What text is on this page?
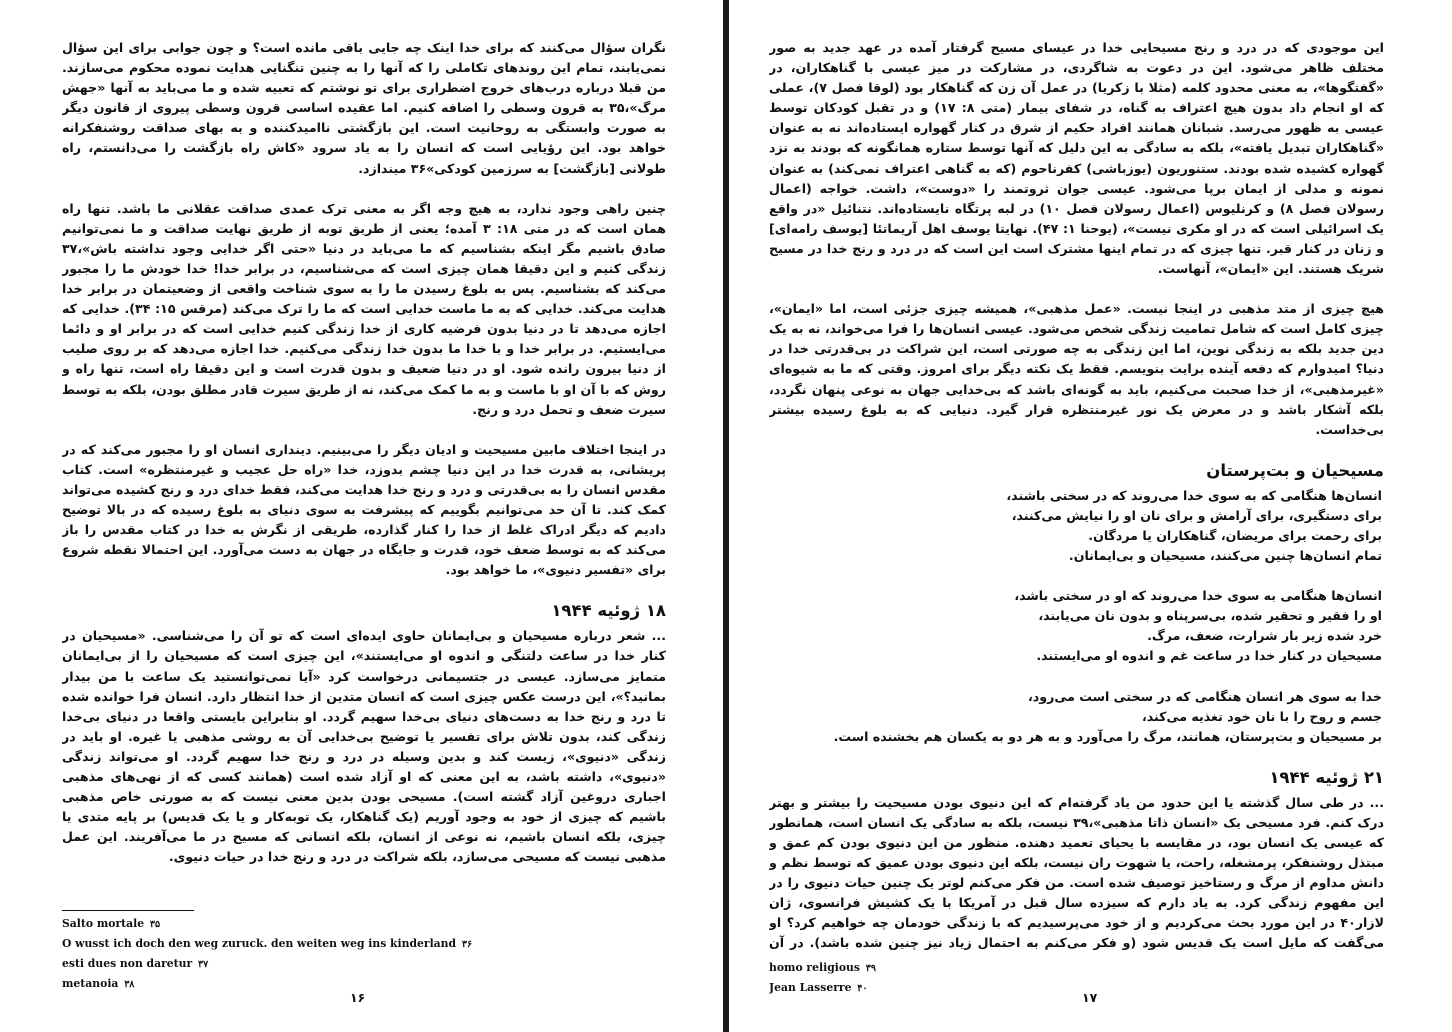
نگران سؤال می‌کنند که برای خدا اینک چه جایی باقی مانده است؟ و چون جوابی برای این سؤال نمی‌یابند، تمام این روندهای تکاملی را که آنها را به چنین تنگنایی هدایت نموده محکوم می‌سازند. من قبلا درباره درب‌های خروج اضطراری برای تو نوشتم که تعبیه شده و ما می‌باید به آنها «جهش مرگ»،۳۵ به قرون وسطی را اضافه کنیم. اما عقیده اساسی قرون وسطی پیروی از قانون دیگر به صورت وابستگی به روحانیت است. این بازگشتی ناامیدکننده و به بهای صداقت روشنفکرانه خواهد بود. این رؤیایی است که انسان را به یاد سرود «کاش راه بازگشت را می‌دانستم، راه طولانی [بازگشت] به سرزمین کودکی»۳۶ میندازد.

چنین راهی وجود ندارد، به هیچ وجه اگر به معنی ترک عمدی صداقت عقلانی ما باشد. تنها راه همان است که در متی ۱۸: ۳ آمده؛ یعنی از طریق توبه از طریق نهایت صداقت و ما نمی‌توانیم صادق باشیم مگر اینکه بشناسیم که ما می‌باید در دنیا «حتی اگر خدایی وجود نداشته باش»،۳۷ زندگی کنیم و این دقیقا همان چیزی است که می‌شناسیم، در برابر خدا! خدا خودش ما را مجبور می‌کند که بشناسیم. پس به بلوغ رسیدن ما را به سوی شناخت واقعی از وضعیتمان در برابر خدا هدایت می‌کند. خدایی که به ما ماست خدایی است که ما را ترک می‌کند (مرقس ۱۵: ۳۴). خدایی که اجازه می‌دهد تا در دنیا بدون فرضیه کاری از خدا زندگی کنیم خدایی است که در برابر او و دائما می‌ایستیم. در برابر خدا و با خدا ما بدون خدا زندگی می‌کنیم. خدا اجازه می‌دهد که بر روی صلیب از دنیا بیرون رانده شود. او در دنیا ضعیف و بدون قدرت است و این دقیقا راه است، تنها راه و روش که با آن او با ماست و به ما کمک می‌کند، نه از طریق سیرت قادر مطلق بودن، بلکه به توسط سیرت ضعف و تحمل درد و رنج.

در اینجا اختلاف مابین مسیحیت و ادیان دیگر را می‌بینیم. دینداری انسان او را مجبور می‌کند که در پریشانی، به قدرت خدا در این دنیا چشم بدوزد، خدا «راه حل عجیب و غیرمنتظره» است. کتاب مقدس انسان را به بی‌قدرتی و درد و رنج خدا هدایت می‌کند، فقط خدای درد و رنج کشیده می‌تواند کمک کند. تا آن حد می‌توانیم بگوییم که پیشرفت به سوی دنیای به بلوغ رسیده که در بالا توضیح دادیم که دیگر ادراک غلط از خدا را کنار گذارده، طریقی از نگرش به خدا در کتاب مقدس را باز می‌کند که به توسط ضعف خود، قدرت و جایگاه در جهان به دست می‌آورد. این احتمالا نقطه شروع برای «تفسیر دنیوی»، ما خواهد بود.

۱۸ ژوئیه ۱۹۴۴

... شعر درباره مسیحیان و بی‌ایمانان حاوی ایده‌ای است که تو آن را می‌شناسی. «مسیحیان در کنار خدا در ساعت دلتنگی و اندوه او می‌ایستند»، این چیزی است که مسیحیان را از بی‌ایمانان متمایز می‌سازد. عیسی در جتسیمانی درخواست کرد «آیا نمی‌توانستید یک ساعت با من بیدار بمانید؟»، این درست عکس چیزی است که انسان متدین از خدا انتظار دارد. انسان فرا خوانده شده تا درد و رنج خدا به دست‌های دنیای بی‌خدا سهیم گردد. او بنابراین بایستی واقعا در دنیای بی‌خدا زندگی کند، بدون تلاش برای تفسیر یا توضیح بی‌خدایی آن به روشی مذهبی یا غیره. او باید در زندگی «دنیوی»، زیست کند و بدین وسیله در درد و رنج خدا سهیم گردد. او می‌تواند زندگی «دنیوی»، داشته باشد، به این معنی که او آزاد شده است (همانند کسی که از نهی‌های مذهبی اجباری دروغین آزاد گشته است). مسیحی بودن بدین معنی نیست که به صورتی خاص مذهبی باشیم که چیزی از خود به وجود آوریم (یک گناهکار، یک توبه‌کار و یا یک قدیس) بر پایه متدی یا چیزی، بلکه انسان باشیم، نه نوعی از انسان، بلکه انسانی که مسیح در ما می‌آفریند. این عمل مذهبی نیست که مسیحی می‌سازد، بلکه شراکت در درد و رنج خدا در حیات دنیوی.

Salto mortale ۳۵
O wusst ich doch den weg zuruck. den weiten weg ins kinderland ۳۶
esti dues non daretur ۳۷
metanoia ۳۸
۱۶

این موجودی که در درد و رنج مسیحایی خدا در عیسای مسیح گرفتار آمده در عهد جدید به صور مختلف ظاهر می‌شود. این در دعوت به شاگردی، در مشارکت در میز عیسی با گناهکاران، در «گفتگوها»، به معنی محدود کلمه (مثلا با زکریا) در عمل آن زن که گناهکار بود (لوقا فصل ۷)، عملی که او انجام داد بدون هیچ اعتراف به گناه، در شفای بیمار (متی ۸: ۱۷) و در تقبل کودکان توسط عیسی به ظهور می‌رسد. شبانان همانند افراد حکیم از شرق در کنار گهواره ایستاده‌اند نه به عنوان «گناهکاران تبدیل یافته»، بلکه به سادگی به این دلیل که آنها توسط ستاره همانگونه که بودند به نزد گهواره کشیده شده بودند. ستنوریون (یوزباشی) کفرناحوم (که به گناهی اعتراف نمی‌کند) به عنوان نمونه و مدلی از ایمان برپا می‌شود. عیسی جوان ثروتمند را «دوست»، داشت. خواجه (اعمال رسولان فصل ۸) و کرنلیوس (اعمال رسولان فصل ۱۰) در لبه پرتگاه نایستاده‌اند. نتنائیل «در واقع یک اسرائیلی است که در او مکری نیست»، (یوحنا ۱: ۴۷). نهایتا یوسف اهل آریماتئا [یوسف رامه‌ای] و زنان در کنار قبر. تنها چیزی که در تمام اینها مشترک است این است که در درد و رنج خدا در مسیح شریک هستند. این «ایمان»، آنهاست.

هیچ چیزی از متد مذهبی در اینجا نیست. «عمل مذهبی»، همیشه چیزی جزئی است، اما «ایمان»، چیزی کامل است که شامل تمامیت زندگی شخص می‌شود. عیسی انسان‌ها را فرا می‌خواند، نه به یک دین جدید بلکه به زندگی نوین، اما این زندگی به چه صورتی است، این شراکت در بی‌قدرتی خدا در دنیا؟ امیدوارم که دفعه آینده برایت بنویسم. فقط یک نکته دیگر برای امروز. وقتی که ما به شیوه‌ای «غیرمذهبی»، از خدا صحبت می‌کنیم، باید به گونه‌ای باشد که بی‌خدایی جهان به نوعی پنهان نگردد، بلکه آشکار باشد و در معرض یک نور غیرمنتظره قرار گیرد. دنیایی که به بلوغ رسیده بیشتر بی‌خداست.

مسیحیان و بت‌پرستان
انسان‌ها هنگامی که به سوی خدا می‌روند که در سختی باشند،
برای دستگیری، برای آرامش و برای نان او را نیایش می‌کنند،
برای رحمت برای مریضان، گناهکاران یا مردگان.
تمام انسان‌ها چنین می‌کنند، مسیحیان و بی‌ایمانان.
انسان‌ها هنگامی به سوی خدا می‌روند که او در سختی باشد،
او را فقیر و تحقیر شده، بی‌سرپناه و بدون نان می‌یابند،
خرد شده زیر بار شرارت، ضعف، مرگ.
مسیحیان در کنار خدا در ساعت غم و اندوه او می‌ایستند.
خدا به سوی هر انسان هنگامی که در سختی است می‌رود،
جسم و روح را با نان خود تغذیه می‌کند،
بر مسیحیان و بت‌پرستان، همانند، مرگ را می‌آورد و به هر دو به یکسان هم بخشنده است.
۲۱ ژوئیه ۱۹۴۴

... در طی سال گذشته یا این حدود من یاد گرفته‌ام که این دنیوی بودن مسیحیت را بیشتر و بهتر درک کنم. فرد مسیحی یک «انسان ذاتا مذهبی»،۳۹ نیست، بلکه به سادگی یک انسان است، همانطور که عیسی یک انسان بود، در مقایسه با یحیای تعمید دهنده. منظور من این دنیوی بودن کم عمق و مبتذل روشنفکر، پرمشغله، راحت، یا شهوت ران نیست، بلکه این دنیوی بودن عمیق که توسط نظم و دانش مداوم از مرگ و رستاخیز توصیف شده است. من فکر می‌کنم لوتر یک چنین حیات دنیوی را در این مفهوم زندگی کرد. به یاد دارم که سیزده سال قبل در آمریکا با یک کشیش فرانسوی، ژان لازار۴۰ در این مورد بحث می‌کردیم و از خود می‌پرسیدیم که با زندگی خودمان چه خواهیم کرد؟ او می‌گفت که مایل است یک قدیس شود (و فکر می‌کنم به احتمال زیاد نیز چنین شده باشد). در آن

homo religious ۳۹
Jean Lasserre ۴۰
۱۷
